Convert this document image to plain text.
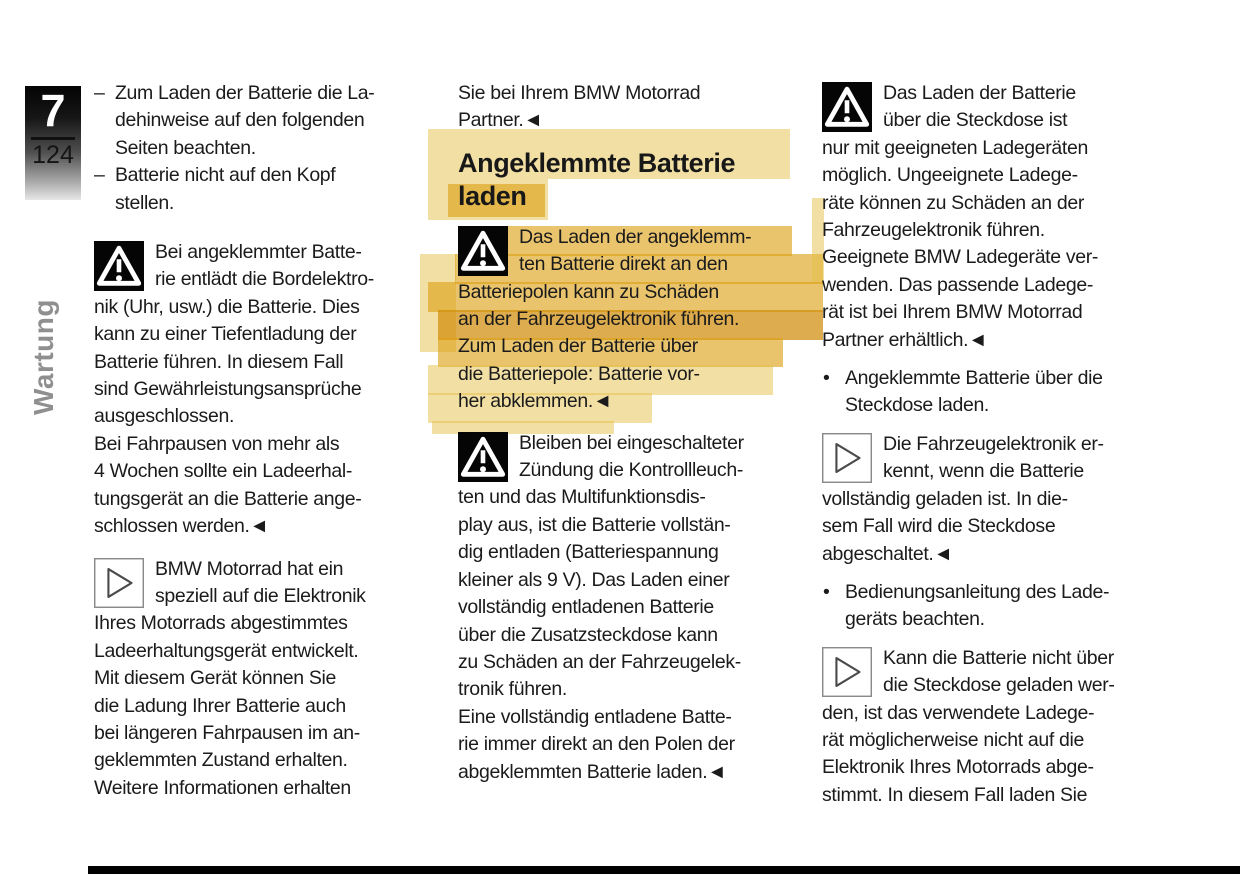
7
124
Wartung
– Zum Laden der Batterie die La-
dehinweise auf den folgenden
Seiten beachten.
– Batterie nicht auf den Kopf
stellen.
Bei angeklemmter Batte-
rie entlädt die Bordelektro-
nik (Uhr, usw.) die Batterie. Dies
kann zu einer Tiefentladung der
Batterie führen. In diesem Fall
sind Gewährleistungsansprüche
ausgeschlossen.
Bei Fahrpausen von mehr als
4 Wochen sollte ein Ladeerhal-
tungsgerät an die Batterie ange-
schlossen werden.◄
BMW Motorrad hat ein
speziell auf die Elektronik
Ihres Motorrads abgestimmtes
Ladeerhaltungsgerät entwickelt.
Mit diesem Gerät können Sie
die Ladung Ihrer Batterie auch
bei längeren Fahrpausen im an-
geklemmten Zustand erhalten.
Weitere Informationen erhalten
Sie bei Ihrem BMW Motorrad
Partner.◄
Angeklemmte Batterie
laden
Das Laden der angeklemm-
ten Batterie direkt an den
Batteriepolen kann zu Schäden
an der Fahrzeugelektronik führen.
Zum Laden der Batterie über
die Batteriepole: Batterie vor-
her abklemmen.◄
Bleiben bei eingeschalteter
Zündung die Kontrollleuch-
ten und das Multifunktionsdis-
play aus, ist die Batterie vollstän-
dig entladen (Batteriespannung
kleiner als 9 V). Das Laden einer
vollständig entladenen Batterie
über die Zusatzsteckdose kann
zu Schäden an der Fahrzeugelek-
tronik führen.
Eine vollständig entladene Batte-
rie immer direkt an den Polen der
abgeklemmten Batterie laden.◄
Das Laden der Batterie
über die Steckdose ist
nur mit geeigneten Ladegeräten
möglich. Ungeeignete Ladege-
räte können zu Schäden an der
Fahrzeugelektronik führen.
Geeignete BMW Ladegeräte ver-
wenden. Das passende Ladege-
rät ist bei Ihrem BMW Motorrad
Partner erhältlich.◄
• Angeklemmte Batterie über die
Steckdose laden.
Die Fahrzeugelektronik er-
kennt, wenn die Batterie
vollständig geladen ist. In die-
sem Fall wird die Steckdose
abgeschaltet.◄
• Bedienungsanleitung des Lade-
geräts beachten.
Kann die Batterie nicht über
die Steckdose geladen wer-
den, ist das verwendete Ladege-
rät möglicherweise nicht auf die
Elektronik Ihres Motorrads abge-
stimmt. In diesem Fall laden Sie
